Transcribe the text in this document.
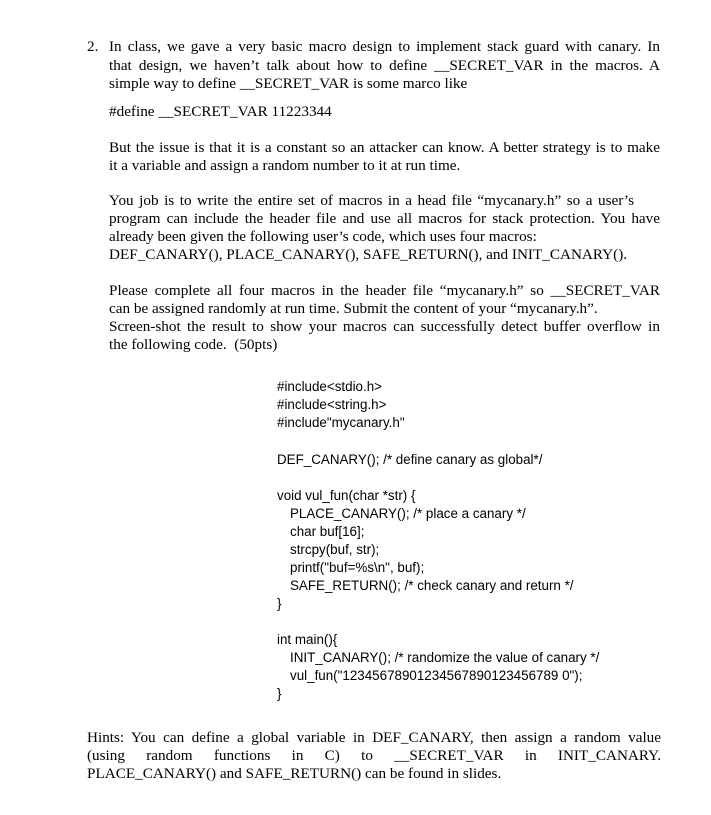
2. In class, we gave a very basic macro design to implement stack guard with canary. In
that design, we haven’t talk about how to define __SECRET_VAR in the macros. A
simple way to define __SECRET_VAR is some marco like
#define __SECRET_VAR 11223344
But the issue is that it is a constant so an attacker can know. A better strategy is to make
it a variable and assign a random number to it at run time.
You job is to write the entire set of macros in a head file “mycanary.h” so a user’s
program can include the header file and use all macros for stack protection. You have
already been given the following user’s code, which uses four macros:
DEF_CANARY(), PLACE_CANARY(), SAFE_RETURN(), and INIT_CANARY().
Please complete all four macros in the header file “mycanary.h” so __SECRET_VAR
can be assigned randomly at run time. Submit the content of your “mycanary.h”.
Screen-shot the result to show your macros can successfully detect buffer overflow in
the following code.  (50pts)
#include<stdio.h>
#include<string.h>
#include"mycanary.h"
DEF_CANARY(); /* define canary as global*/
void vul_fun(char *str) {
PLACE_CANARY(); /* place a canary */
char buf[16];
strcpy(buf, str);
printf("buf=%s\n", buf);
SAFE_RETURN(); /* check canary and return */
}
int main(){
INIT_CANARY(); /* randomize the value of canary */
vul_fun("12345678901234567890123456789 0");
}
Hints: You can define a global variable in DEF_CANARY, then assign a random value
(using random functions in C) to __SECRET_VAR in INIT_CANARY.
PLACE_CANARY() and SAFE_RETURN() can be found in slides.
